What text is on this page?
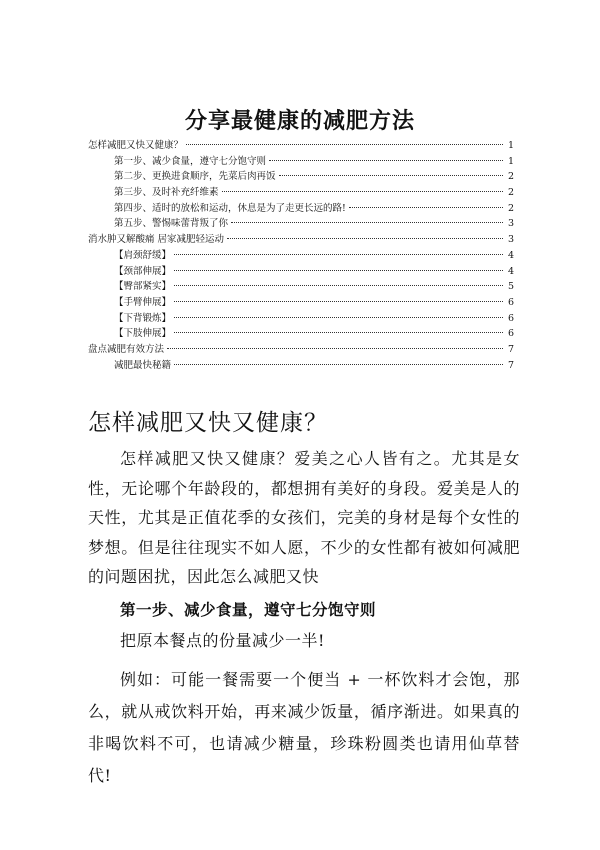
分享最健康的减肥方法
怎样减肥又快又健康？	1
第一步、减少食量，遵守七分饱守则	1
第二步、更换进食顺序，先菜后肉再饭	2
第三步、及时补充纤维素	2
第四步、适时的放松和运动，休息是为了走更长远的路!	2
第五步、警惕味蕾背叛了你	3
消水肿又解酸痛 居家减肥轻运动	3
【肩颈舒缓】	4
【颈部伸展】	4
【臀部紧实】	5
【手臂伸展】	6
【下背锻炼】	6
【下肢伸展】	6
盘点减肥有效方法	7
减肥最快秘籍	7
怎样减肥又快又健康？
怎样减肥又快又健康？爱美之心人皆有之。尤其是女性，无论哪个年龄段的，都想拥有美好的身段。爱美是人的天性，尤其是正值花季的女孩们，完美的身材是每个女性的梦想。但是往往现实不如人愿，不少的女性都有被如何减肥的问题困扰，因此怎么减肥又快
第一步、减少食量，遵守七分饱守则
把原本餐点的份量减少一半!
例如：可能一餐需要一个便当 + 一杯饮料才会饱，那么，就从戒饮料开始，再来减少饭量，循序渐进。如果真的非喝饮料不可，也请减少糖量，珍珠粉圆类也请用仙草替代!
